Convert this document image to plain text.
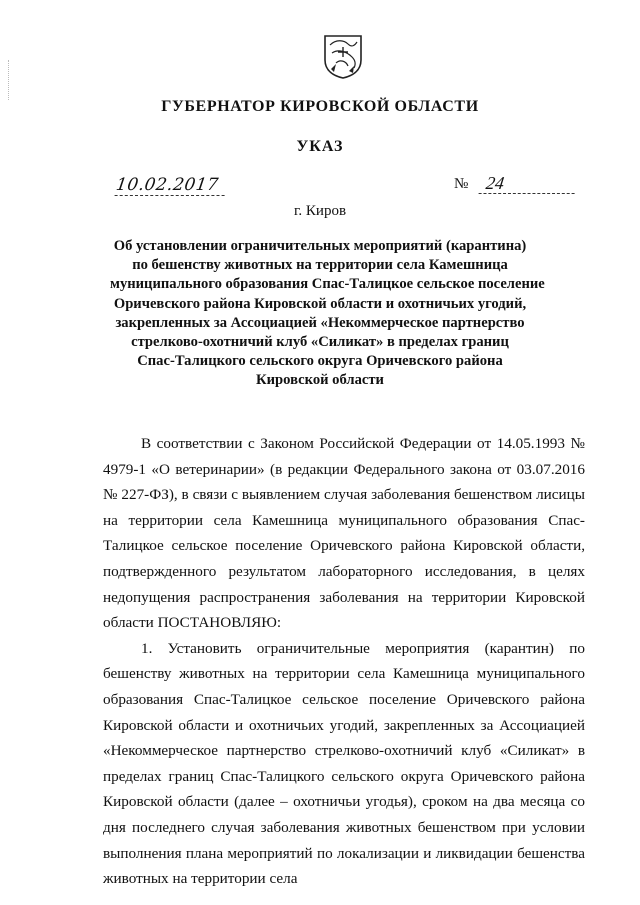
ГУБЕРНАТОР КИРОВСКОЙ ОБЛАСТИ
УКАЗ
10.02.2017	№ 24
г. Киров
Об установлении ограничительных мероприятий (карантина)
по бешенству животных на территории села Камешница
муниципального образования Спас-Талицкое сельское поселение
Оричевского района Кировской области и охотничьих угодий,
закрепленных за Ассоциацией «Некоммерческое партнерство
стрелково-охотничий клуб «Силикат» в пределах границ
Спас-Талицкого сельского округа Оричевского района
Кировской области

В соответствии с Законом Российской Федерации от 14.05.1993 № 4979-1 «О ветеринарии» (в редакции Федерального закона от 03.07.2016 № 227-ФЗ), в связи с выявлением случая заболевания бешенством лисицы на территории села Камешница муниципального образования Спас-Талицкое сельское поселение Оричевского района Кировской области, подтвержденного результатом лабораторного исследования, в целях недопущения распространения заболевания на территории Кировской области ПОСТАНОВЛЯЮ:

1. Установить ограничительные мероприятия (карантин) по бешенству животных на территории села Камешница муниципального образования Спас-Талицкое сельское поселение Оричевского района Кировской области и охотничьих угодий, закрепленных за Ассоциацией «Некоммерческое партнерство стрелково-охотничий клуб «Силикат» в пределах границ Спас-Талицкого сельского округа Оричевского района Кировской области (далее – охотничьи угодья), сроком на два месяца со дня последнего случая заболевания животных бешенством при условии выполнения плана мероприятий по локализации и ликвидации бешенства животных на территории села
